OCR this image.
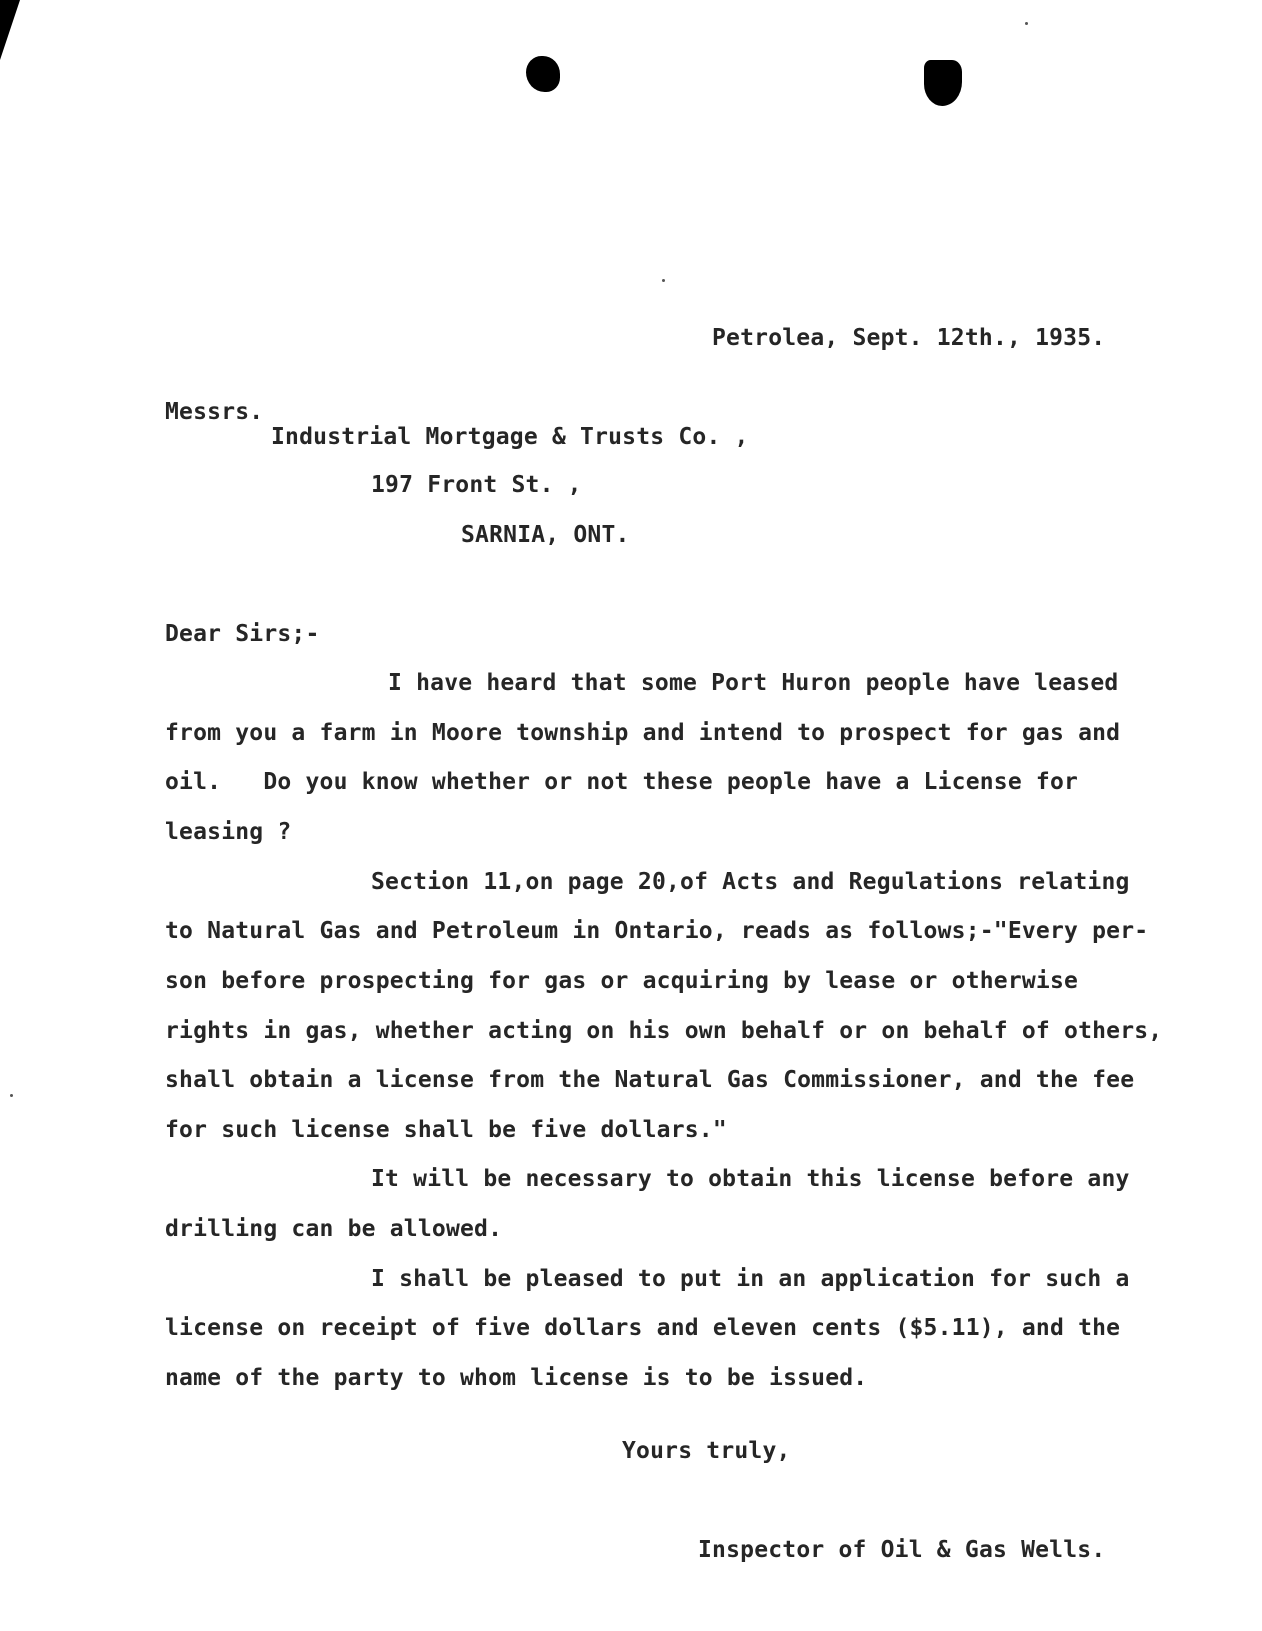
Petrolea, Sept. 12th., 1935.
Messrs.
Industrial Mortgage & Trusts Co. ,
197 Front St. ,
SARNIA, ONT.
Dear Sirs;-
I have heard that some Port Huron people have leased
from you a farm in Moore township and intend to prospect for gas and
oil.   Do you know whether or not these people have a License for
leasing ?
Section 11,on page 20,of Acts and Regulations relating
to Natural Gas and Petroleum in Ontario, reads as follows;-"Every per-
son before prospecting for gas or acquiring by lease or otherwise
rights in gas, whether acting on his own behalf or on behalf of others,
shall obtain a license from the Natural Gas Commissioner, and the fee
for such license shall be five dollars."
It will be necessary to obtain this license before any
drilling can be allowed.
I shall be pleased to put in an application for such a
license on receipt of five dollars and eleven cents ($5.11), and the
name of the party to whom license is to be issued.
Yours truly,
Inspector of Oil & Gas Wells.
